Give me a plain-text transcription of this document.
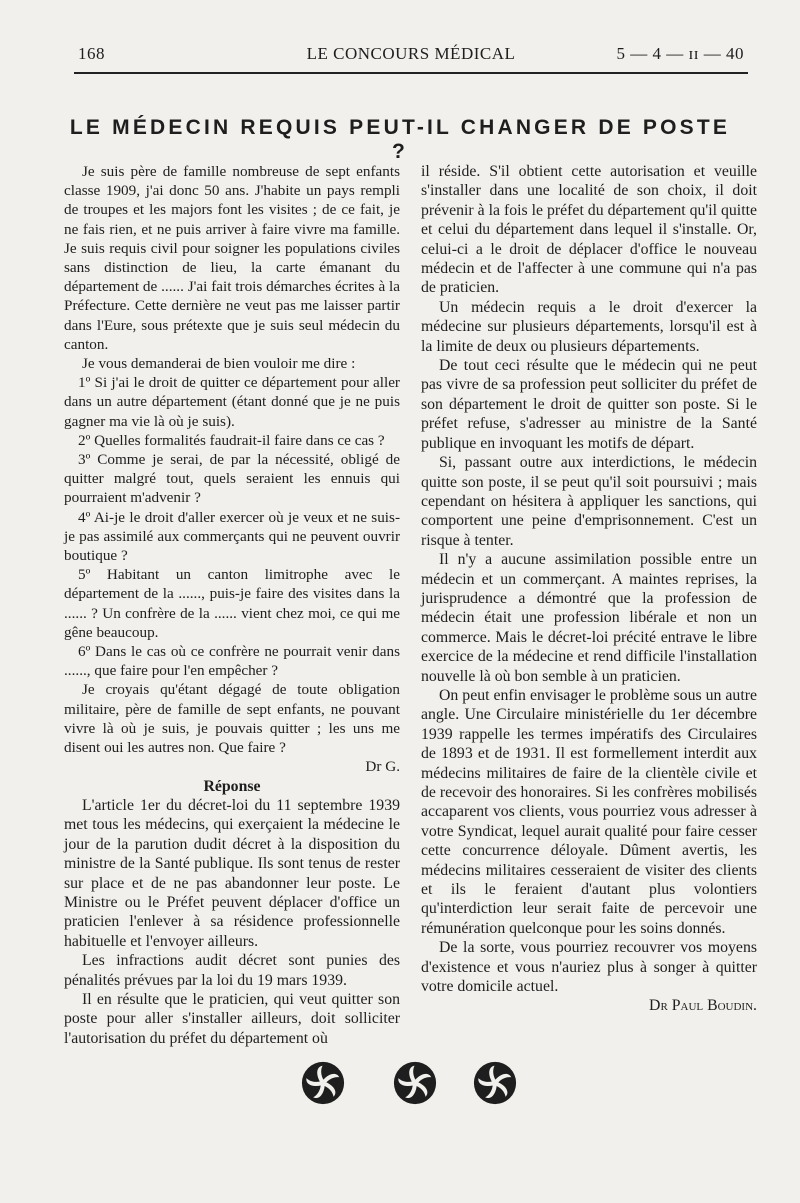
168	LE CONCOURS MÉDICAL	5 — 4 — ɪɪ — 40
LE MÉDECIN REQUIS PEUT-IL CHANGER DE POSTE ?

Je suis père de famille nombreuse de sept enfants classe 1909, j'ai donc 50 ans. J'habite un pays rempli de troupes et les majors font les visites ; de ce fait, je ne fais rien, et ne puis arriver à faire vivre ma famille. Je suis requis civil pour soigner les populations civiles sans distinction de lieu, la carte émanant du département de ...... J'ai fait trois démarches écrites à la Préfecture. Cette dernière ne veut pas me laisser partir dans l'Eure, sous prétexte que je suis seul médecin du canton.

Je vous demanderai de bien vouloir me dire :

1º Si j'ai le droit de quitter ce département pour aller dans un autre département (étant donné que je ne puis gagner ma vie là où je suis).

2º Quelles formalités faudrait-il faire dans ce cas ?

3º Comme je serai, de par la nécessité, obligé de quitter malgré tout, quels seraient les ennuis qui pourraient m'advenir ?

4º Ai-je le droit d'aller exercer où je veux et ne suis-je pas assimilé aux commerçants qui ne peuvent ouvrir boutique ?

5º Habitant un canton limitrophe avec le département de la ......, puis-je faire des visites dans la ...... ? Un confrère de la ...... vient chez moi, ce qui me gêne beaucoup.

6º Dans le cas où ce confrère ne pourrait venir dans ......, que faire pour l'en empêcher ?

Je croyais qu'étant dégagé de toute obligation militaire, père de famille de sept enfants, ne pouvant vivre là où je suis, je pouvais quitter ; les uns me disent oui les autres non. Que faire ?

Dr G.

Réponse

L'article 1er du décret-loi du 11 septembre 1939 met tous les médecins, qui exerçaient la médecine le jour de la parution dudit décret à la disposition du ministre de la Santé publique. Ils sont tenus de rester sur place et de ne pas abandonner leur poste. Le Ministre ou le Préfet peuvent déplacer d'office un praticien l'enlever à sa résidence professionnelle habituelle et l'envoyer ailleurs.

Les infractions audit décret sont punies des pénalités prévues par la loi du 19 mars 1939.

Il en résulte que le praticien, qui veut quitter son poste pour aller s'installer ailleurs, doit solliciter l'autorisation du préfet du département où

il réside. S'il obtient cette autorisation et veuille s'installer dans une localité de son choix, il doit prévenir à la fois le préfet du département qu'il quitte et celui du département dans lequel il s'installe. Or, celui-ci a le droit de déplacer d'office le nouveau médecin et de l'affecter à une commune qui n'a pas de praticien.

Un médecin requis a le droit d'exercer la médecine sur plusieurs départements, lorsqu'il est à la limite de deux ou plusieurs départements.

De tout ceci résulte que le médecin qui ne peut pas vivre de sa profession peut solliciter du préfet de son département le droit de quitter son poste. Si le préfet refuse, s'adresser au ministre de la Santé publique en invoquant les motifs de départ.

Si, passant outre aux interdictions, le médecin quitte son poste, il se peut qu'il soit poursuivi ; mais cependant on hésitera à appliquer les sanctions, qui comportent une peine d'emprisonnement. C'est un risque à tenter.

Il n'y a aucune assimilation possible entre un médecin et un commerçant. A maintes reprises, la jurisprudence a démontré que la profession de médecin était une profession libérale et non un commerce. Mais le décret-loi précité entrave le libre exercice de la médecine et rend difficile l'installation nouvelle là où bon semble à un praticien.

On peut enfin envisager le problème sous un autre angle. Une Circulaire ministérielle du 1er décembre 1939 rappelle les termes impératifs des Circulaires de 1893 et de 1931. Il est formellement interdit aux médecins militaires de faire de la clientèle civile et de recevoir des honoraires. Si les confrères mobilisés accaparent vos clients, vous pourriez vous adresser à votre Syndicat, lequel aurait qualité pour faire cesser cette concurrence déloyale. Dûment avertis, les médecins militaires cesseraient de visiter des clients et ils le feraient d'autant plus volontiers qu'interdiction leur serait faite de percevoir une rémunération quelconque pour les soins donnés.

De la sorte, vous pourriez recouvrer vos moyens d'existence et vous n'auriez plus à songer à quitter votre domicile actuel.

Dr Paul Boudin.
